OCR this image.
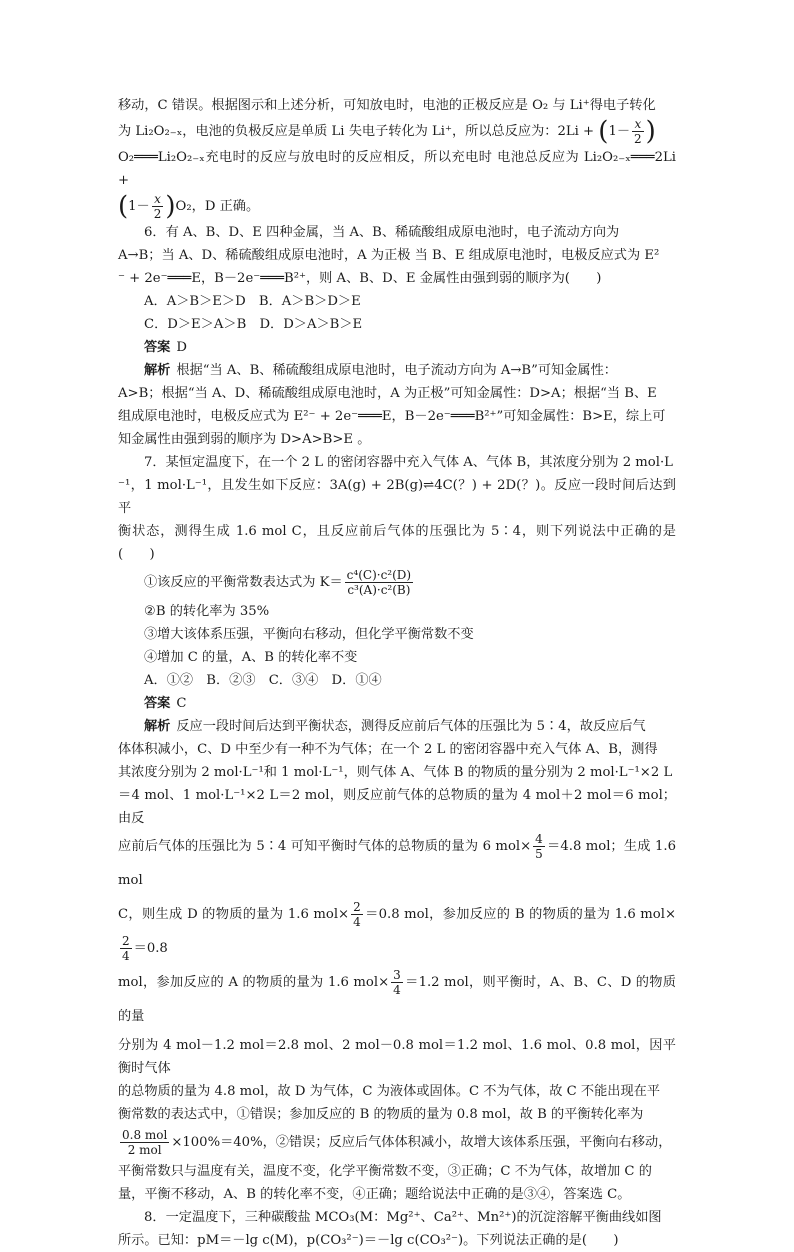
移动，C 错误。根据图示和上述分析，可知放电时，电池的正极反应是 O₂ 与 Li⁺得电子转化

为 Li₂O₂₋ₓ，电池的负极反应是单质 Li 失电子转化为 Li⁺，所以总反应为：$2Li + (1- \frac{x}{2}$ )

O₂═══Li₂O₂₋ₓ充电时的反应与放电时的反应相反，所以充电时 电池总反应为 Li₂O₂₋ₓ═══2Li +

$(1- \frac{x}{2} )O_2$，D 正确。

6．有 A、B、D、E 四种金属，当 A、B、稀硫酸组成原电池时，电子流动方向为

A→B；当 A、D、稀硫酸组成原电池时，A 为正极 当 B、E 组成原电池时，电极反应式为 E²

⁻ + 2e⁻═══E，B－2e⁻═══B²⁺，则 A、B、D、E 金属性由强到弱的顺序为(　　)

A．A＞B＞E＞D　B．A＞B＞D＞E

C．D＞E＞A＞B　D．D＞A＞B＞E

答案 D

解析 根据“当 A、B、稀硫酸组成原电池时，电子流动方向为 A→B”可知金属性：

A>B；根据“当 A、D、稀硫酸组成原电池时，A 为正极”可知金属性：D>A；根据“当 B、E

组成原电池时，电极反应式为 E²⁻ + 2e⁻═══E，B－2e⁻═══B²⁺”可知金属性：B>E，综上可

知金属性由强到弱的顺序为 D>A>B>E 。

7．某恒定温度下，在一个 2 L 的密闭容器中充入气体 A、气体 B，其浓度分别为 2 mol·L

⁻¹，1 mol·L⁻¹，且发生如下反应：3A(g) + 2B(g)⇌4C(？) + 2D(？)。反应一段时间后达到平

衡状态，测得生成 1.6 mol C，且反应前后气体的压强比为 5∶4，则下列说法中正确的是(　　)

①该反应的平衡常数表达式为 $K= \frac{\text{c⁴(C)·c²(D)}}{\text{c³(A)·c²(B)}}$

②B 的转化率为 35%

③增大该体系压强，平衡向右移动，但化学平衡常数不变

④增加 C 的量，A、B 的转化率不变

A．①②　B．②③　C．③④　D．①④

答案 C

解析 反应一段时间后达到平衡状态，测得反应前后气体的压强比为 5∶4，故反应后气

体体积减小，C、D 中至少有一种不为气体；在一个 2 L 的密闭容器中充入气体 A、B，测得

其浓度分别为 2 mol·L⁻¹和 1 mol·L⁻¹，则气体 A、气体 B 的物质的量分别为 2 mol·L⁻¹×2 L

＝4 mol、1 mol·L⁻¹×2 L＝2 mol，则反应前气体的总物质的量为 4 mol＋2 mol＝6 mol；由反

应前后气体的压强比为 5∶4 可知平衡时气体的总物质的量为 6 $mol\times \frac{4}{5} =4.8$ mol；生成 1.6 mol

C，则生成 D 的物质的量为 1.6 $mol\times \frac{2}{4} =0.8$ mol，参加反应的 B 的物质的量为 1.6 mol×
$\frac{2}{4} =0.8$

mol，参加反应的 A 的物质的量为 1.6 $mol\times \frac{3}{4} =1.2$ mol，则平衡时，A、B、C、D 的物质的量

分别为 4 mol－1.2 mol＝2.8 mol、2 mol－0.8 mol＝1.2 mol、1.6 mol、0.8 mol，因平衡时气体

的总物质的量为 4.8 mol，故 D 为气体，C 为液体或固体。C 不为气体，故 C 不能出现在平

衡常数的表达式中，①错误；参加反应的 B 的物质的量为 0.8 mol，故 B 的平衡转化率为

$\frac{\text{0.8 mol}}{\text{2 mol}} \times 100\%=40\%$，②错误；反应后气体体积减小，故增大该体系压强，平衡向右移动，

平衡常数只与温度有关，温度不变，化学平衡常数不变，③正确；C 不为气体，故增加 C 的

量，平衡不移动，A、B 的转化率不变，④正确；题给说法中正确的是③④，答案选 C。

8．一定温度下，三种碳酸盐 MCO₃(M：Mg²⁺、Ca²⁺、Mn²⁺)的沉淀溶解平衡曲线如图

所示。已知：pM＝－lg c(M)，p(CO₃²⁻)＝－lg c(CO₃²⁻)。下列说法正确的是(　　)
